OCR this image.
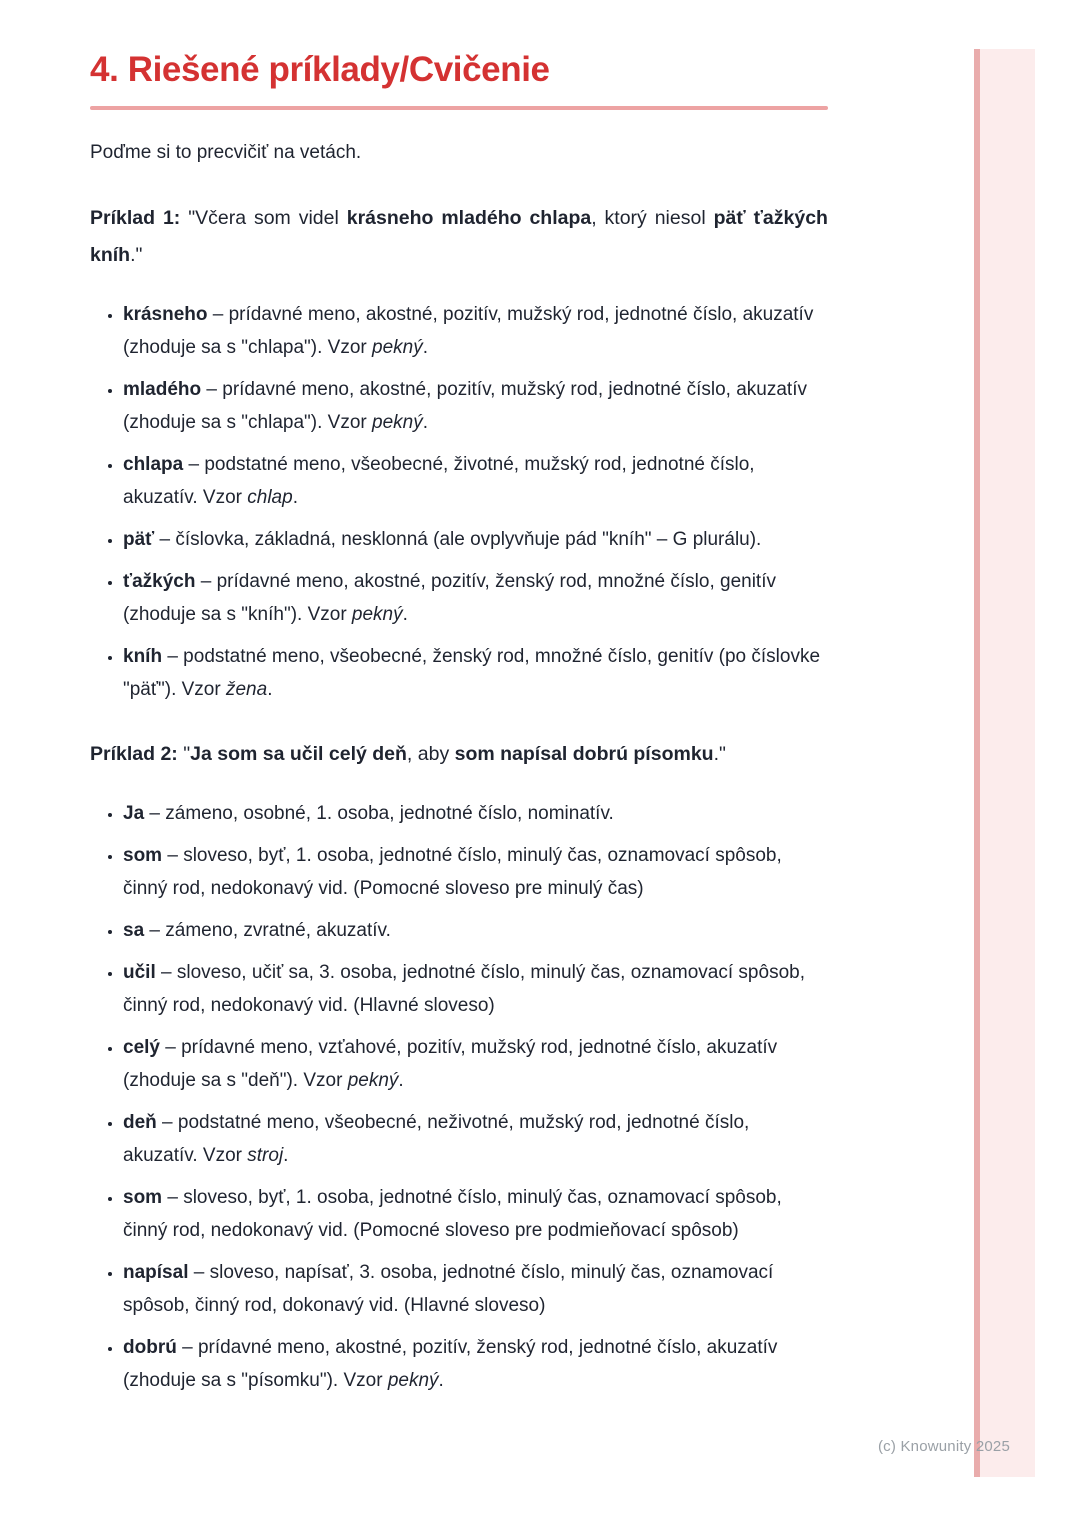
4. Riešené príklady/Cvičenie

Poďme si to precvičiť na vetách.

Príklad 1: "Včera som videl krásneho mladého chlapa, ktorý niesol päť ťažkých kníh."

• krásneho – prídavné meno, akostné, pozitív, mužský rod, jednotné číslo, akuzatív (zhoduje sa s "chlapa"). Vzor pekný.
• mladého – prídavné meno, akostné, pozitív, mužský rod, jednotné číslo, akuzatív (zhoduje sa s "chlapa"). Vzor pekný.
• chlapa – podstatné meno, všeobecné, životné, mužský rod, jednotné číslo, akuzatív. Vzor chlap.
• päť – číslovka, základná, nesklonná (ale ovplyvňuje pád "kníh" – G plurálu).
• ťažkých – prídavné meno, akostné, pozitív, ženský rod, množné číslo, genitív (zhoduje sa s "kníh"). Vzor pekný.
• kníh – podstatné meno, všeobecné, ženský rod, množné číslo, genitív (po číslovke "päť"). Vzor žena.

Príklad 2: "Ja som sa učil celý deň, aby som napísal dobrú písomku."

• Ja – zámeno, osobné, 1. osoba, jednotné číslo, nominatív.
• som – sloveso, byť, 1. osoba, jednotné číslo, minulý čas, oznamovací spôsob, činný rod, nedokonavý vid. (Pomocné sloveso pre minulý čas)
• sa – zámeno, zvratné, akuzatív.
• učil – sloveso, učiť sa, 3. osoba, jednotné číslo, minulý čas, oznamovací spôsob, činný rod, nedokonavý vid. (Hlavné sloveso)
• celý – prídavné meno, vzťahové, pozitív, mužský rod, jednotné číslo, akuzatív (zhoduje sa s "deň"). Vzor pekný.
• deň – podstatné meno, všeobecné, neživotné, mužský rod, jednotné číslo, akuzatív. Vzor stroj.
• som – sloveso, byť, 1. osoba, jednotné číslo, minulý čas, oznamovací spôsob, činný rod, nedokonavý vid. (Pomocné sloveso pre podmieňovací spôsob)
• napísal – sloveso, napísať, 3. osoba, jednotné číslo, minulý čas, oznamovací spôsob, činný rod, dokonavý vid. (Hlavné sloveso)
• dobrú – prídavné meno, akostné, pozitív, ženský rod, jednotné číslo, akuzatív (zhoduje sa s "písomku"). Vzor pekný.
(c) Knowunity 2025
